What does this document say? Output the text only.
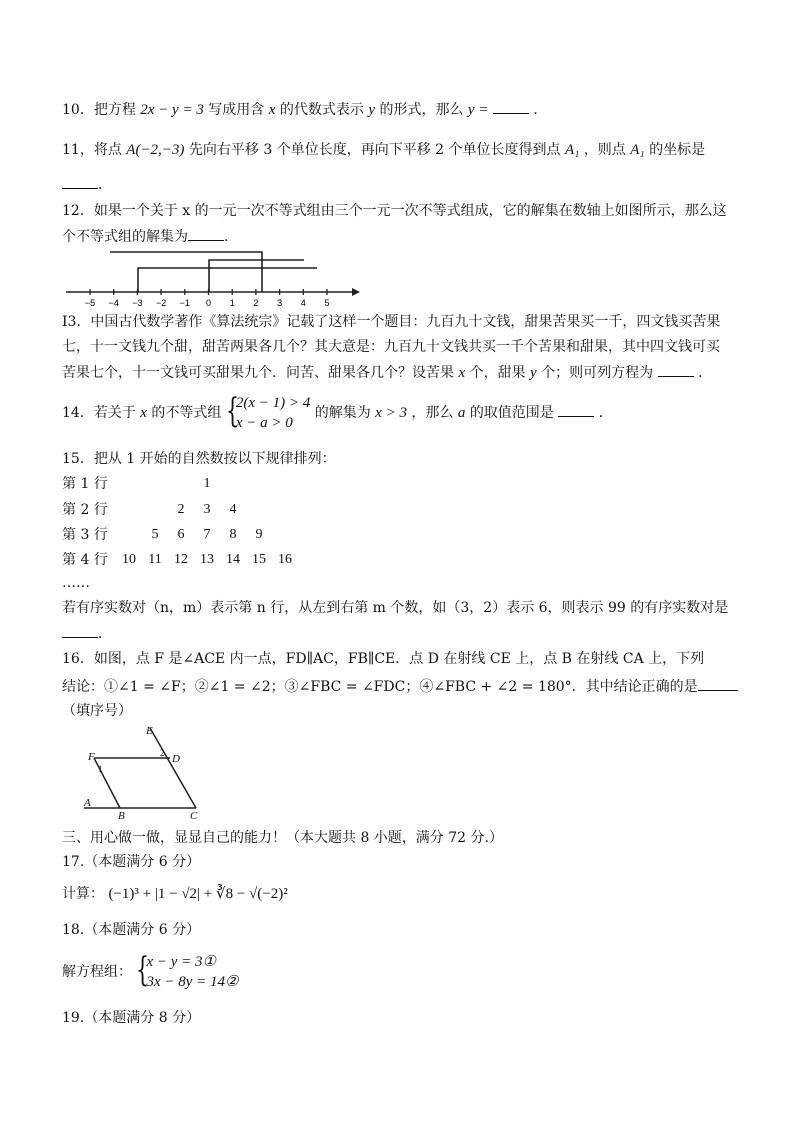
10．把方程 2x − y = 3 写成用含 x 的代数式表示 y 的形式，那么 y =	．
11，将点 A(−2,−3) 先向右平移 3 个单位长度，再向下平移 2 个单位长度得到点 A₁ ，则点 A₁ 的坐标是
．
12．如果一个关于 x 的一元一次不等式组由三个一元一次不等式组成，它的解集在数轴上如图所示，那么这
个不等式组的解集为	．
−5 −4 −3 −2 −1 0 1 2 3 4 5
I3．中国古代数学著作《算法统宗》记载了这样一个题目：九百九十文钱，甜果苦果买一千，四文钱买苦果
七，十一文钱九个甜，甜苦两果各几个？其大意是：九百九十文钱共买一千个苦果和甜果，其中四文钱可买
苦果七个，十一文钱可买甜果九个．问苦、甜果各几个？设苦果 x 个，甜果 y 个；则可列方程为	．
14．若关于 x 的不等式组 {
2(x − 1) > 4
x − a > 0
的解集为 x > 3 ，那么 a 的取值范围是	．
15．把从 1 开始的自然数按以下规律排列：
第 1 行	1
第 2 行	2	3	4
第 3 行	5	6	7	8	9
第 4 行	10 11 12 13 14 15 16
……
若有序实数对（n，m）表示第 n 行，从左到右第 m 个数，如（3，2）表示 6，则表示 99 的有序实数对是
．
16．如图，点 F 是∠ACE 内一点，FD∥AC，FB∥CE．点 D 在射线 CE 上，点 B 在射线 CA 上，下列
结论：①∠1 = ∠F；②∠1 = ∠2；③∠FBC = ∠FDC；④∠FBC + ∠2 = 180°．其中结论正确的是
（填序号）
E
F	D
A
B	C
1
2
三、用心做一做，显显自己的能力！（本大题共 8 小题，满分 72 分.）
17.（本题满分 6 分）
计算： (−1)³ + |1 − √2| + ∛8 − √(−2)²
18.（本题满分 6 分）
解方程组： {
x − y = 3①
3x − 8y = 14②
19.（本题满分 8 分）
